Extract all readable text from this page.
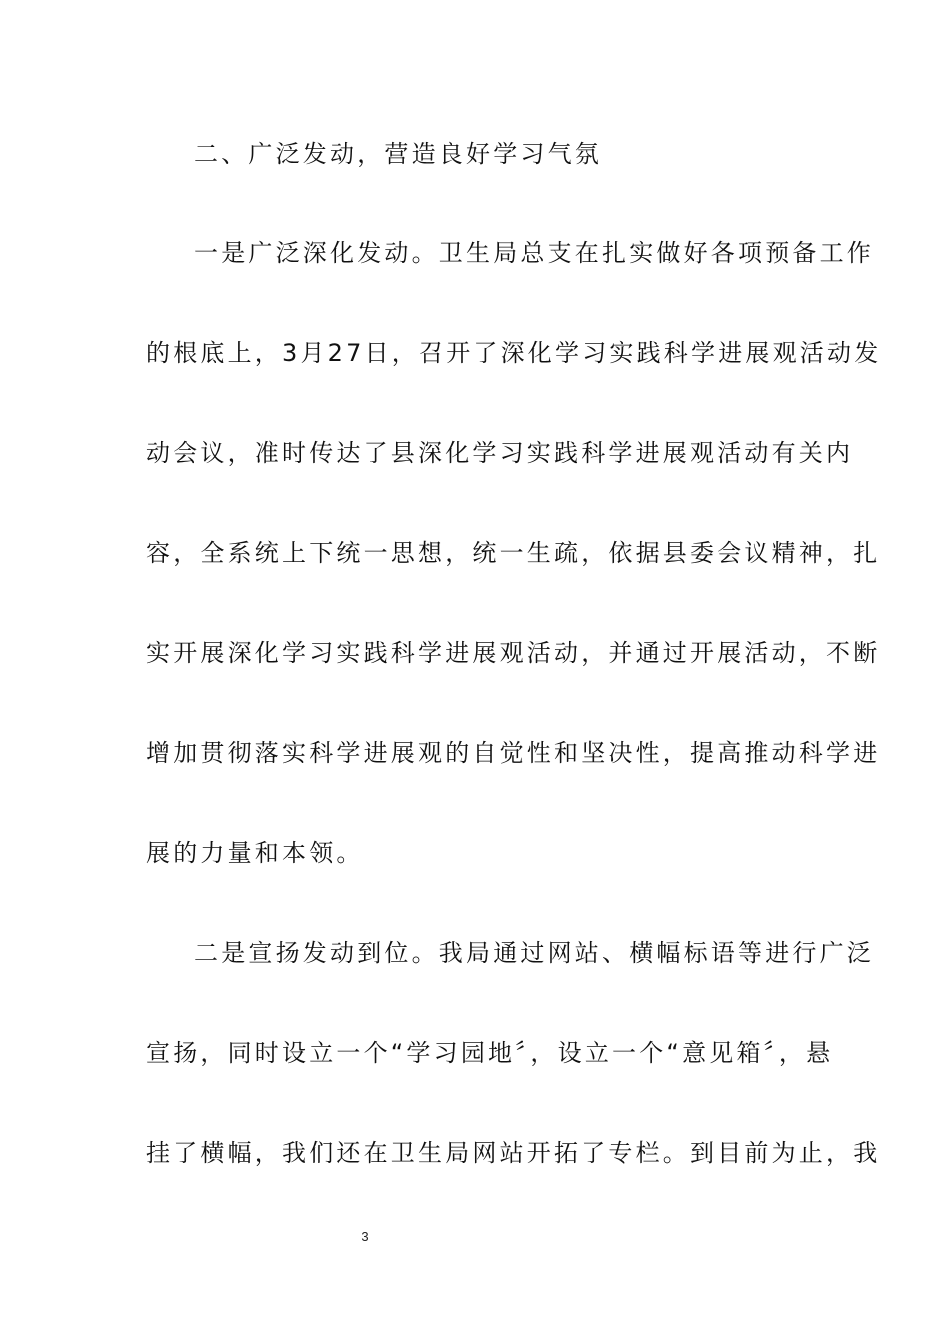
二、广泛发动，营造良好学习气氛
一是广泛深化发动。卫生局总支在扎实做好各项预备工作
的根底上，3月27日，召开了深化学习实践科学进展观活动发
动会议，准时传达了县深化学习实践科学进展观活动有关内
容，全系统上下统一思想，统一生疏，依据县委会议精神，扎
实开展深化学习实践科学进展观活动，并通过开展活动，不断
增加贯彻落实科学进展观的自觉性和坚决性，提高推动科学进
展的力量和本领。
二是宣扬发动到位。我局通过网站、横幅标语等进行广泛
宣扬，同时设立一个“学习园地〞，设立一个“意见箱〞，悬
挂了横幅，我们还在卫生局网站开拓了专栏。到目前为止，我
3
